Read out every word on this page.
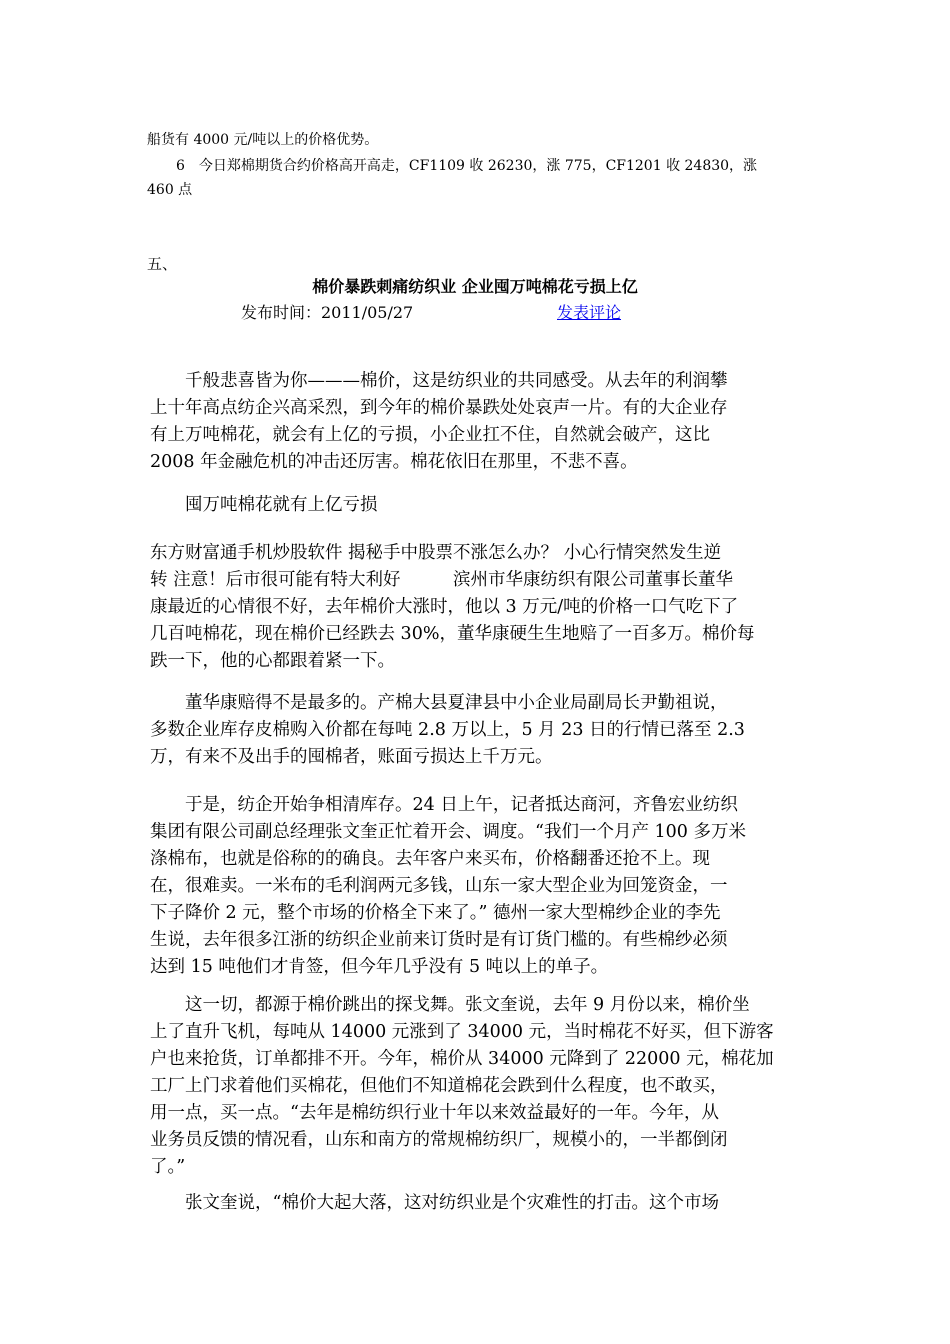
船货有 4000 元/吨以上的价格优势。
6　今日郑棉期货合约价格高开高走，CF1109 收 26230，涨 775，CF1201 收 24830，涨
460 点
五、
棉价暴跌刺痛纺织业 企业囤万吨棉花亏损上亿
发布时间：2011/05/27	发表评论
　　千般悲喜皆为你———棉价，这是纺织业的共同感受。从去年的利润攀
上十年高点纺企兴高采烈，到今年的棉价暴跌处处哀声一片。有的大企业存
有上万吨棉花，就会有上亿的亏损，小企业扛不住，自然就会破产，这比
2008 年金融危机的冲击还厉害。棉花依旧在那里，不悲不喜。
　　囤万吨棉花就有上亿亏损
东方财富通手机炒股软件 揭秘手中股票不涨怎么办？ 小心行情突然发生逆
转 注意！后市很可能有特大利好　　　滨州市华康纺织有限公司董事长董华
康最近的心情很不好，去年棉价大涨时，他以 3 万元/吨的价格一口气吃下了
几百吨棉花，现在棉价已经跌去 30%，董华康硬生生地赔了一百多万。棉价每
跌一下，他的心都跟着紧一下。
　　董华康赔得不是最多的。产棉大县夏津县中小企业局副局长尹勤祖说，
多数企业库存皮棉购入价都在每吨 2.8 万以上，5 月 23 日的行情已落至 2.3
万，有来不及出手的囤棉者，账面亏损达上千万元。
　　于是，纺企开始争相清库存。24 日上午，记者抵达商河，齐鲁宏业纺织
集团有限公司副总经理张文奎正忙着开会、调度。“我们一个月产 100 多万米
涤棉布，也就是俗称的的确良。去年客户来买布，价格翻番还抢不上。现
在，很难卖。一米布的毛利润两元多钱，山东一家大型企业为回笼资金，一
下子降价 2 元，整个市场的价格全下来了。” 德州一家大型棉纱企业的李先
生说，去年很多江浙的纺织企业前来订货时是有订货门槛的。有些棉纱必须
达到 15 吨他们才肯签，但今年几乎没有 5 吨以上的单子。
　　这一切，都源于棉价跳出的探戈舞。张文奎说，去年 9 月份以来，棉价坐
上了直升飞机，每吨从 14000 元涨到了 34000 元，当时棉花不好买，但下游客
户也来抢货，订单都排不开。今年，棉价从 34000 元降到了 22000 元，棉花加
工厂上门求着他们买棉花，但他们不知道棉花会跌到什么程度，也不敢买，
用一点，买一点。“去年是棉纺织行业十年以来效益最好的一年。今年，从
业务员反馈的情况看，山东和南方的常规棉纺织厂，规模小的，一半都倒闭
了。”
　　张文奎说，“棉价大起大落，这对纺织业是个灾难性的打击。这个市场
